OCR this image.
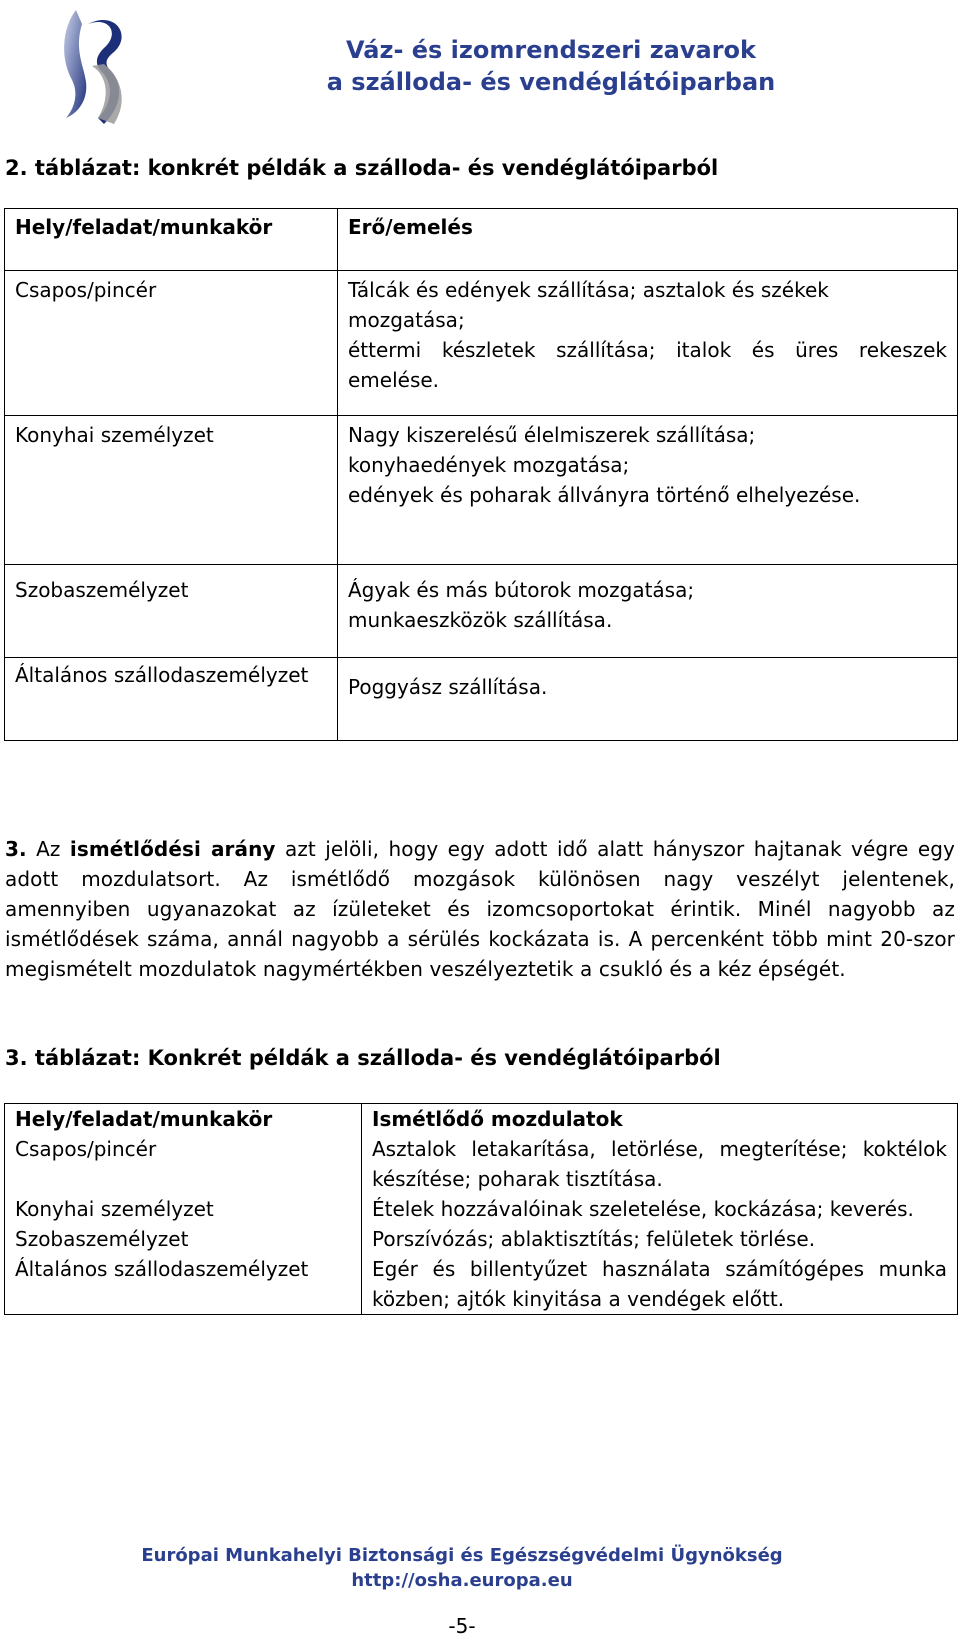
Váz- és izomrendszeri zavarok
a szálloda- és vendéglátóiparban
2. táblázat: konkrét példák a szálloda- és vendéglátóiparból
Hely/feladat/munkakör	Erő/emelés
Csapos/pincér	Tálcák és edények szállítása; asztalok és székek mozgatása;
éttermi készletek szállítása; italok és üres rekeszek emelése.

Konyhai személyzet	Nagy kiszerelésű élelmiszerek szállítása;
konyhaedények mozgatása;
edények és poharak állványra történő elhelyezése.

Szobaszemélyzet	Ágyak és más bútorok mozgatása;
munkaeszközök szállítása.

Általános szállodaszemélyzet	Poggyász szállítása.
3. Az ismétlődési arány azt jelöli, hogy egy adott idő alatt hányszor hajtanak végre egy adott mozdulatsort. Az ismétlődő mozgások különösen nagy veszélyt jelentenek, amennyiben ugyanazokat az ízületeket és izomcsoportokat érintik. Minél nagyobb az ismétlődések száma, annál nagyobb a sérülés kockázata is. A percenként több mint 20-szor megismételt mozdulatok nagymértékben veszélyeztetik a csukló és a kéz épségét.
3. táblázat: Konkrét példák a szálloda- és vendéglátóiparból
Hely/feladat/munkakör	Ismétlődő mozdulatok
Csapos/pincér	Asztalok letakarítása, letörlése, megterítése; koktélok készítése; poharak tisztítása.
Konyhai személyzet	Ételek hozzávalóinak szeletelése, kockázása; keverés.
Szobaszemélyzet	Porszívózás; ablaktisztítás; felületek törlése.
Általános szállodaszemélyzet	Egér és billentyűzet használata számítógépes munka közben; ajtók kinyitása a vendégek előtt.
Európai Munkahelyi Biztonsági és Egészségvédelmi Ügynökség
http://osha.europa.eu
-5-
